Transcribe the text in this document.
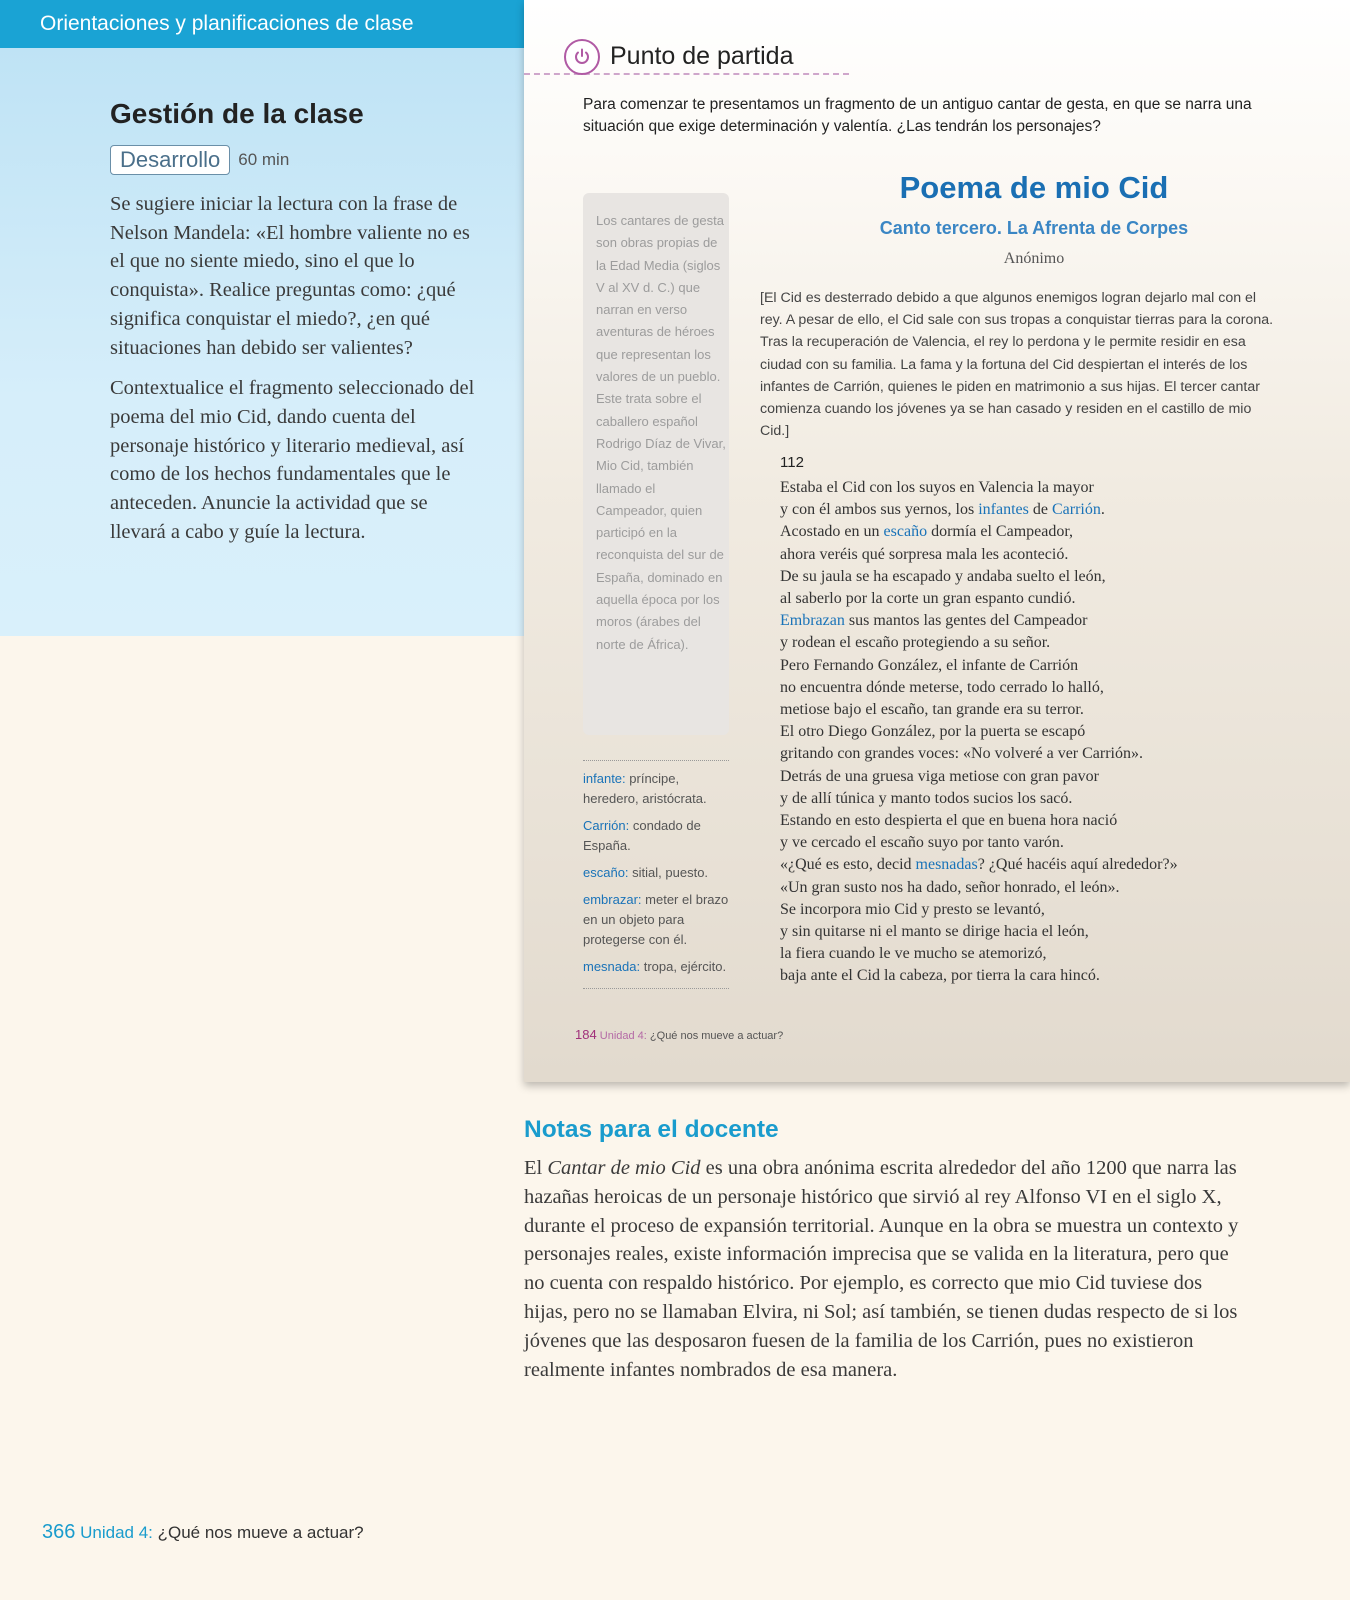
Orientaciones y planificaciones de clase
Gestión de la clase
Desarrollo	60 min

Se sugiere iniciar la lectura con la frase de Nelson Mandela: «El hombre valiente no es el que no siente miedo, sino el que lo conquista». Realice preguntas como: ¿qué significa conquistar el miedo?, ¿en qué situaciones han debido ser valientes?

Contextualice el fragmento seleccionado del poema del mio Cid, dando cuenta del personaje histórico y literario medieval, así como de los hechos fundamentales que le anteceden. Anuncie la actividad que se llevará a cabo y guíe la lectura.

Punto de partida
Para comenzar te presentamos un fragmento de un antiguo cantar de gesta, en que se narra una situación que exige determinación y valentía. ¿Las tendrán los personajes?
Los cantares de gesta son obras propias de la Edad Media (siglos V al XV d. C.) que narran en verso aventuras de héroes que representan los valores de un pueblo. Este trata sobre el caballero español Rodrigo Díaz de Vivar, Mio Cid, también llamado el Campeador, quien participó en la reconquista del sur de España, dominado en aquella época por los moros (árabes del norte de África).
infante: príncipe, heredero, aristócrata.
Carrión: condado de España.
escaño: sitial, puesto.
embrazar: meter el brazo en un objeto para protegerse con él.
mesnada: tropa, ejército.
Poema de mio Cid
Canto tercero. La Afrenta de Corpes
Anónimo
[El Cid es desterrado debido a que algunos enemigos logran dejarlo mal con el rey. A pesar de ello, el Cid sale con sus tropas a conquistar tierras para la corona. Tras la recuperación de Valencia, el rey lo perdona y le permite residir en esa ciudad con su familia. La fama y la fortuna del Cid despiertan el interés de los infantes de Carrión, quienes le piden en matrimonio a sus hijas. El tercer cantar comienza cuando los jóvenes ya se han casado y residen en el castillo de mio Cid.]
112
Estaba el Cid con los suyos en Valencia la mayor
y con él ambos sus yernos, los infantes de Carrión.
Acostado en un escaño dormía el Campeador,
ahora veréis qué sorpresa mala les aconteció.
De su jaula se ha escapado y andaba suelto el león,
al saberlo por la corte un gran espanto cundió.
Embrazan sus mantos las gentes del Campeador
y rodean el escaño protegiendo a su señor.
Pero Fernando González, el infante de Carrión
no encuentra dónde meterse, todo cerrado lo halló,
metiose bajo el escaño, tan grande era su terror.
El otro Diego González, por la puerta se escapó
gritando con grandes voces: «No volveré a ver Carrión».
Detrás de una gruesa viga metiose con gran pavor
y de allí túnica y manto todos sucios los sacó.
Estando en esto despierta el que en buena hora nació
y ve cercado el escaño suyo por tanto varón.
«¿Qué es esto, decid mesnadas? ¿Qué hacéis aquí alrededor?»
«Un gran susto nos ha dado, señor honrado, el león».
Se incorpora mio Cid y presto se levantó,
y sin quitarse ni el manto se dirige hacia el león,
la fiera cuando le ve mucho se atemorizó,
baja ante el Cid la cabeza, por tierra la cara hincó.
184 Unidad 4: ¿Qué nos mueve a actuar?
Notas para el docente
El Cantar de mio Cid es una obra anónima escrita alrededor del año 1200 que narra las hazañas heroicas de un personaje histórico que sirvió al rey Alfonso VI en el siglo X, durante el proceso de expansión territorial. Aunque en la obra se muestra un contexto y personajes reales, existe información imprecisa que se valida en la literatura, pero que no cuenta con respaldo histórico. Por ejemplo, es correcto que mio Cid tuviese dos hijas, pero no se llamaban Elvira, ni Sol; así también, se tienen dudas respecto de si los jóvenes que las desposaron fuesen de la familia de los Carrión, pues no existieron realmente infantes nombrados de esa manera.
366 Unidad 4: ¿Qué nos mueve a actuar?
